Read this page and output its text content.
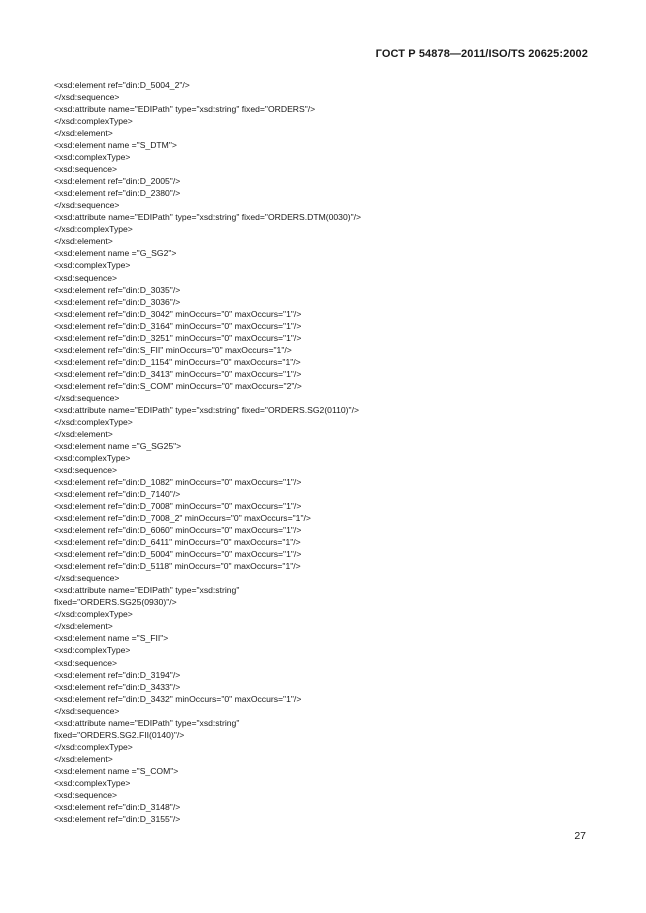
ГОСТ Р 54878—2011/ISO/TS 20625:2002
<xsd:element ref="din:D_5004_2"/>
</xsd:sequence>
<xsd:attribute name="EDIPath" type="xsd:string" fixed="ORDERS"/>
</xsd:complexType>
</xsd:element>
<xsd:element name ="S_DTM">
<xsd:complexType>
<xsd:sequence>
<xsd:element ref="din:D_2005"/>
<xsd:element ref="din:D_2380"/>
</xsd:sequence>
<xsd:attribute name="EDIPath" type="xsd:string" fixed="ORDERS.DTM(0030)"/>
</xsd:complexType>
</xsd:element>
<xsd:element name ="G_SG2">
<xsd:complexType>
<xsd:sequence>
<xsd:element ref="din:D_3035"/>
<xsd:element ref="din:D_3036"/>
<xsd:element ref="din:D_3042" minOccurs="0" maxOccurs="1"/>
<xsd:element ref="din:D_3164" minOccurs="0" maxOccurs="1"/>
<xsd:element ref="din:D_3251" minOccurs="0" maxOccurs="1"/>
<xsd:element ref="din:S_FII" minOccurs="0" maxOccurs="1"/>
<xsd:element ref="din:D_1154" minOccurs="0" maxOccurs="1"/>
<xsd:element ref="din:D_3413" minOccurs="0" maxOccurs="1"/>
<xsd:element ref="din:S_COM" minOccurs="0" maxOccurs="2"/>
</xsd:sequence>
<xsd:attribute name="EDIPath" type="xsd:string" fixed="ORDERS.SG2(0110)"/>
</xsd:complexType>
</xsd:element>
<xsd:element name ="G_SG25">
<xsd:complexType>
<xsd:sequence>
<xsd:element ref="din:D_1082" minOccurs="0" maxOccurs="1"/>
<xsd:element ref="din:D_7140"/>
<xsd:element ref="din:D_7008" minOccurs="0" maxOccurs="1"/>
<xsd:element ref="din:D_7008_2" minOccurs="0" maxOccurs="1"/>
<xsd:element ref="din:D_6060" minOccurs="0" maxOccurs="1"/>
<xsd:element ref="din:D_6411" minOccurs="0" maxOccurs="1"/>
<xsd:element ref="din:D_5004" minOccurs="0" maxOccurs="1"/>
<xsd:element ref="din:D_5118" minOccurs="0" maxOccurs="1"/>
</xsd:sequence>
<xsd:attribute name="EDIPath" type="xsd:string"
fixed="ORDERS.SG25(0930)"/>
</xsd:complexType>
</xsd:element>
<xsd:element name ="S_FII">
<xsd:complexType>
<xsd:sequence>
<xsd:element ref="din:D_3194"/>
<xsd:element ref="din:D_3433"/>
<xsd:element ref="din:D_3432" minOccurs="0" maxOccurs="1"/>
</xsd:sequence>
<xsd:attribute name="EDIPath" type="xsd:string"
fixed="ORDERS.SG2.FII(0140)"/>
</xsd:complexType>
</xsd:element>
<xsd:element name ="S_COM">
<xsd:complexType>
<xsd:sequence>
<xsd:element ref="din:D_3148"/>
<xsd:element ref="din:D_3155"/>
27
